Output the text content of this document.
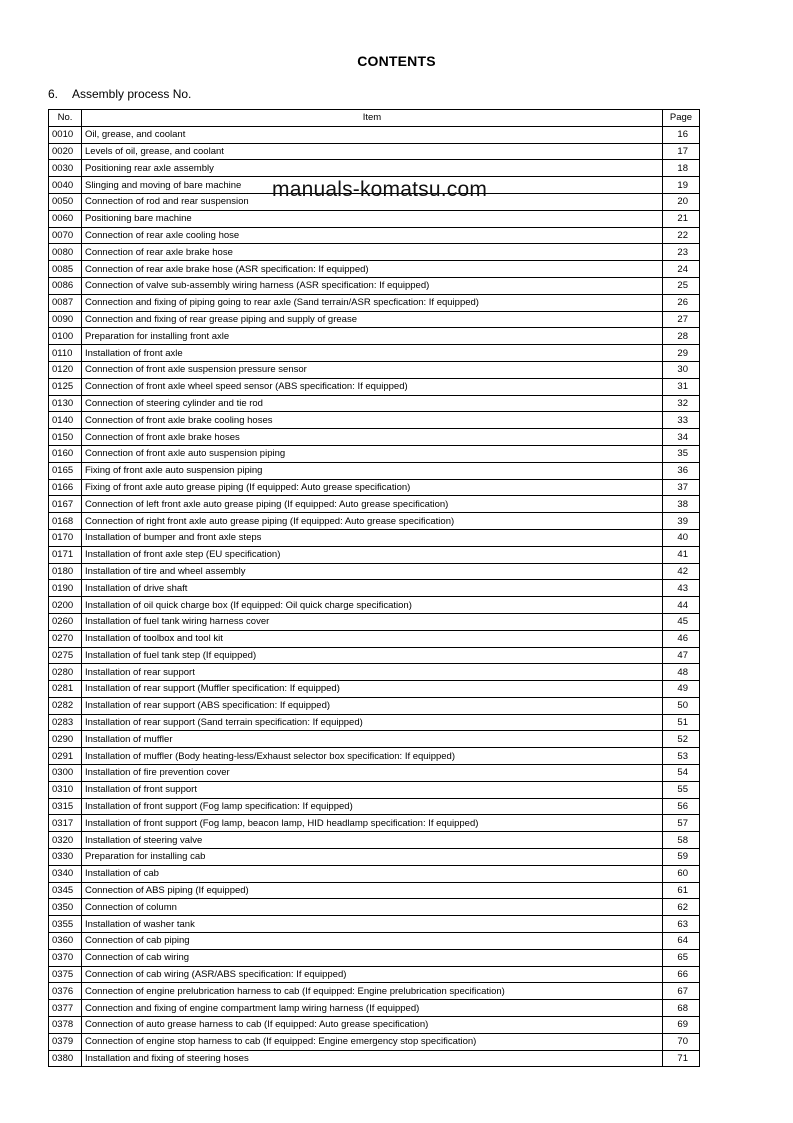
CONTENTS
6. Assembly process No.
No.	Item	Page
0010	Oil, grease, and coolant	16
0020	Levels of oil, grease, and coolant	17
0030	Positioning rear axle assembly	18
0040	Slinging and moving of bare machine	19
0050	Connection of rod and rear suspension	20
0060	Positioning bare machine	21
0070	Connection of rear axle cooling hose	22
0080	Connection of rear axle brake hose	23
0085	Connection of rear axle brake hose (ASR specification: If equipped)	24
0086	Connection of valve sub-assembly wiring harness (ASR specification: If equipped)	25
0087	Connection and fixing of piping going to rear axle (Sand terrain/ASR specfication: If equipped)	26
0090	Connection and fixing of rear grease piping and supply of grease	27
0100	Preparation for installing front axle	28
0110	Installation of front axle	29
0120	Connection of front axle suspension pressure sensor	30
0125	Connection of front axle wheel speed sensor (ABS specification: If equipped)	31
0130	Connection of steering cylinder and tie rod	32
0140	Connection of front axle brake cooling hoses	33
0150	Connection of front axle brake hoses	34
0160	Connection of front axle auto suspension piping	35
0165	Fixing of front axle auto suspension piping	36
0166	Fixing of front axle auto grease piping (If equipped: Auto grease specification)	37
0167	Connection of left front axle auto grease piping (If equipped: Auto grease specification)	38
0168	Connection of right front axle auto grease piping (If equipped: Auto grease specification)	39
0170	Installation of bumper and front axle steps	40
0171	Installation of front axle step (EU specification)	41
0180	Installation of tire and wheel assembly	42
0190	Installation of drive shaft	43
0200	Installation of oil quick charge box (If equipped: Oil quick charge specification)	44
0260	Installation of fuel tank wiring harness cover	45
0270	Installation of toolbox and tool kit	46
0275	Installation of fuel tank step (If equipped)	47
0280	Installation of rear support	48
0281	Installation of rear support (Muffler specification: If equipped)	49
0282	Installation of rear support (ABS specification: If equipped)	50
0283	Installation of rear support (Sand terrain specification: If equipped)	51
0290	Installation of muffler	52
0291	Installation of muffler (Body heating-less/Exhaust selector box specification: If equipped)	53
0300	Installation of fire prevention cover	54
0310	Installation of front support	55
0315	Installation of front support (Fog lamp specification: If equipped)	56
0317	Installation of front support (Fog lamp, beacon lamp, HID headlamp specification: If equipped)	57
0320	Installation of steering valve	58
0330	Preparation for installing cab	59
0340	Installation of cab	60
0345	Connection of ABS piping (If equipped)	61
0350	Connection of column	62
0355	Installation of washer tank	63
0360	Connection of cab piping	64
0370	Connection of cab wiring	65
0375	Connection of cab wiring (ASR/ABS specification: If equipped)	66
0376	Connection of engine prelubrication harness to cab (If equipped: Engine prelubrication specification)	67
0377	Connection and fixing of engine compartment lamp wiring harness (If equipped)	68
0378	Connection of auto grease harness to cab (If equipped: Auto grease specification)	69
0379	Connection of engine stop harness to cab (If equipped: Engine emergency stop specification)	70
0380	Installation and fixing of steering hoses	71
manuals-komatsu.com
